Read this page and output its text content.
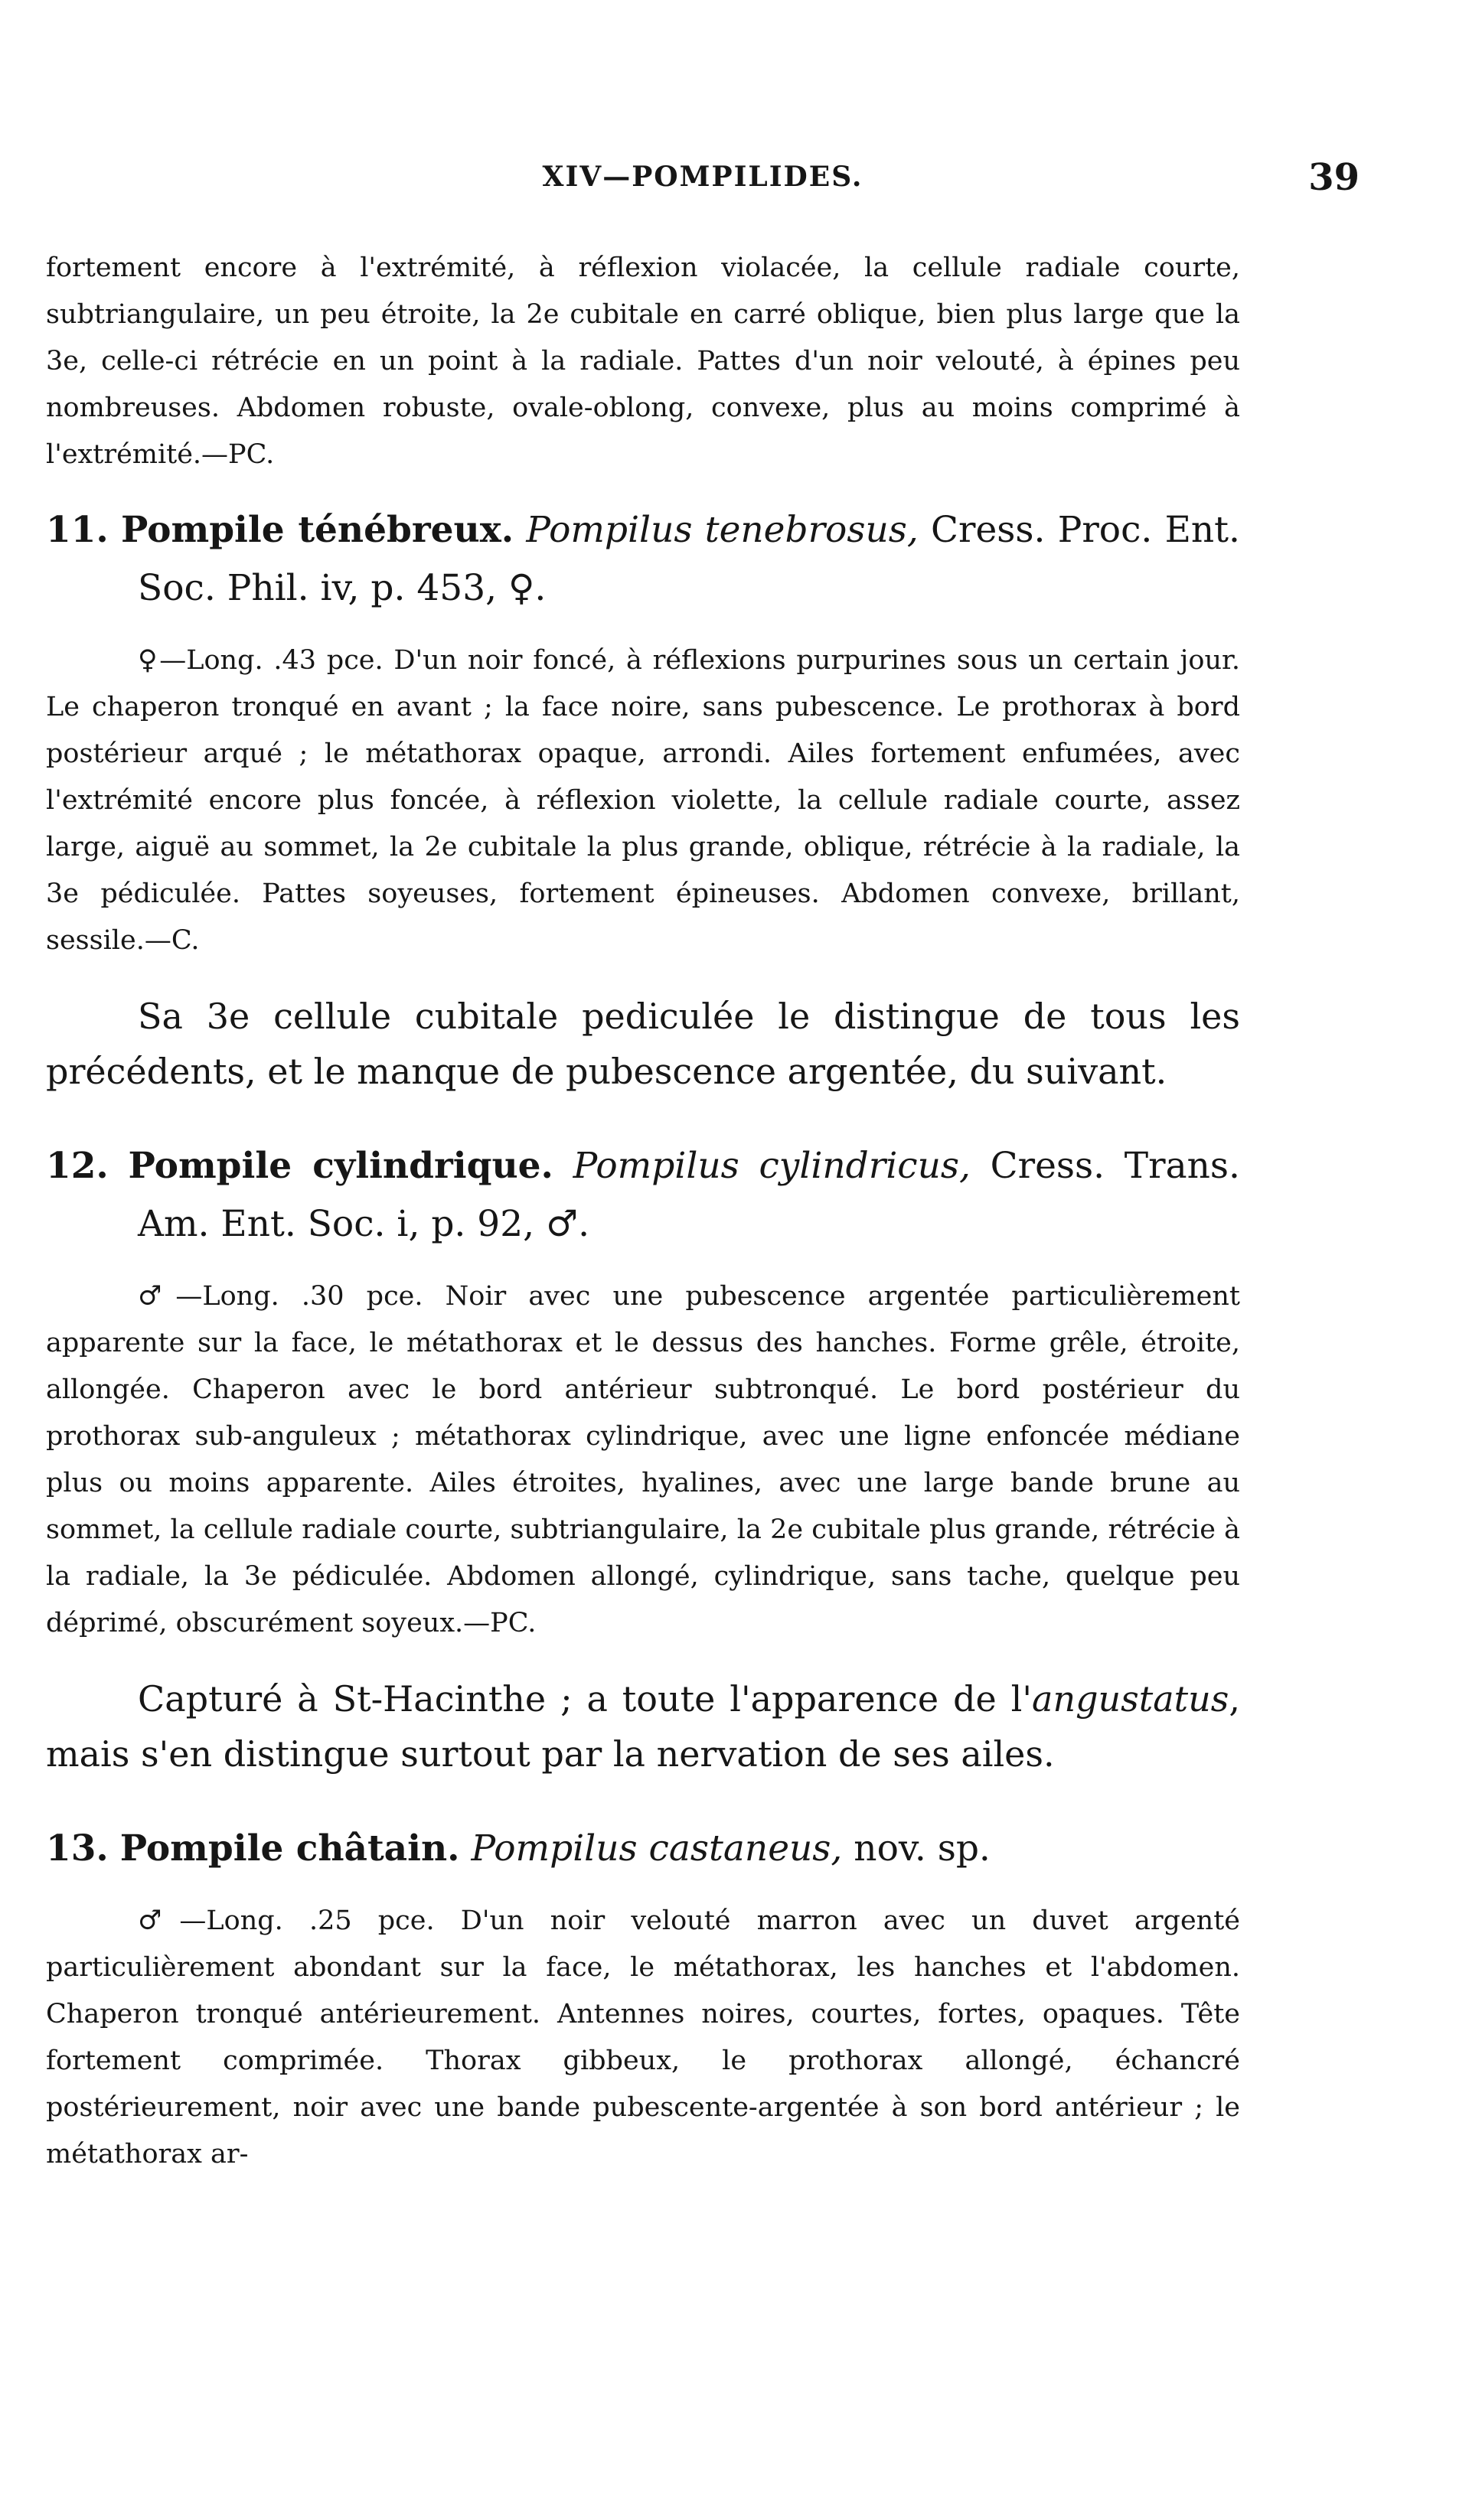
XIV—POMPILIDES.	39

fortement encore à l'extrémité, à réflexion violacée, la cellule radiale courte, subtriangulaire, un peu étroite, la 2e cubitale en carré oblique, bien plus large que la 3e, celle-ci rétrécie en un point à la radiale. Pattes d'un noir velouté, à épines peu nombreuses. Abdomen robuste, ovale-oblong, convexe, plus au moins comprimé à l'extrémité.—PC.

11. Pompile ténébreux. Pompilus tenebrosus, Cress. Proc. Ent. Soc. Phil. iv, p. 453, ♀.

♀—Long. .43 pce. D'un noir foncé, à réflexions purpurines sous un certain jour. Le chaperon tronqué en avant ; la face noire, sans pubescence. Le prothorax à bord postérieur arqué ; le métathorax opaque, arrondi. Ailes fortement enfumées, avec l'extrémité encore plus foncée, à réflexion violette, la cellule radiale courte, assez large, aiguë au sommet, la 2e cubitale la plus grande, oblique, rétrécie à la radiale, la 3e pédiculée. Pattes soyeuses, fortement épineuses. Abdomen convexe, brillant, sessile.—C.

Sa 3e cellule cubitale pediculée le distingue de tous les précédents, et le manque de pubescence argentée, du suivant.

12. Pompile cylindrique. Pompilus cylindricus, Cress. Trans. Am. Ent. Soc. i, p. 92, ♂.

♂—Long. .30 pce. Noir avec une pubescence argentée particulièrement apparente sur la face, le métathorax et le dessus des hanches. Forme grêle, étroite, allongée. Chaperon avec le bord antérieur subtronqué. Le bord postérieur du prothorax sub-anguleux ; métathorax cylindrique, avec une ligne enfoncée médiane plus ou moins apparente. Ailes étroites, hyalines, avec une large bande brune au sommet, la cellule radiale courte, subtriangulaire, la 2e cubitale plus grande, rétrécie à la radiale, la 3e pédiculée. Abdomen allongé, cylindrique, sans tache, quelque peu déprimé, obscurément soyeux.—PC.

Capturé à St-Hacinthe ; a toute l'apparence de l'angustatus, mais s'en distingue surtout par la nervation de ses ailes.

13. Pompile châtain. Pompilus castaneus, nov. sp.

♂—Long. .25 pce. D'un noir velouté marron avec un duvet argenté particulièrement abondant sur la face, le métathorax, les hanches et l'abdomen. Chaperon tronqué antérieurement. Antennes noires, courtes, fortes, opaques. Tête fortement comprimée. Thorax gibbeux, le prothorax allongé, échancré postérieurement, noir avec une bande pubescente-argentée à son bord antérieur ; le métathorax ar-
